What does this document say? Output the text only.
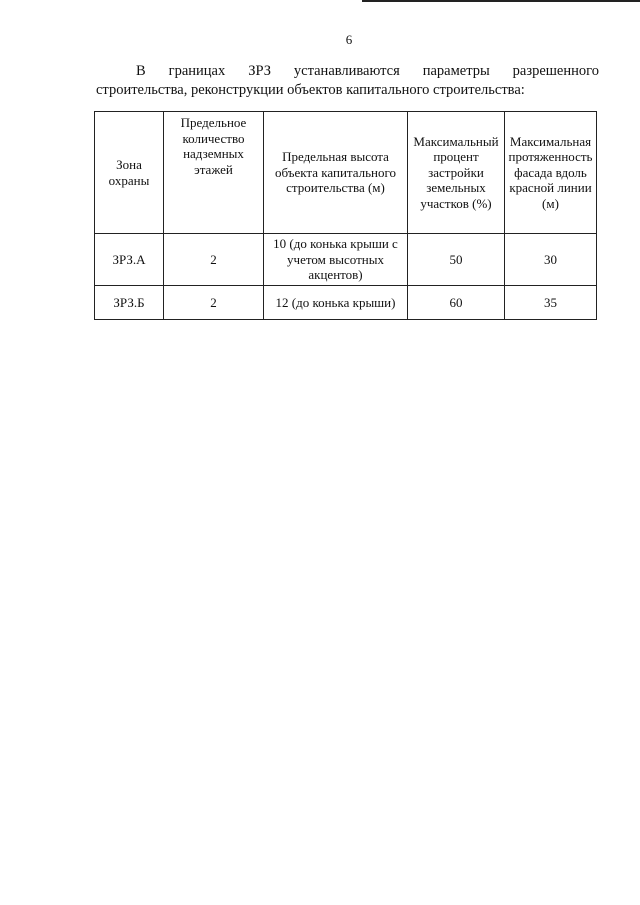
6
В границах ЗРЗ устанавливаются параметры разрешенного
строительства, реконструкции объектов капитального строительства:
Зона охраны	Предельное количество надземных этажей	Предельная высота объекта капитального строительства (м)	Максимальный процент застройки земельных участков (%)	Максимальная протяженность фасада вдоль красной линии (м)
ЗРЗ.А	2	10 (до конька крыши с учетом высотных акцентов)	50	30
ЗРЗ.Б	2	12 (до конька крыши)	60	35
